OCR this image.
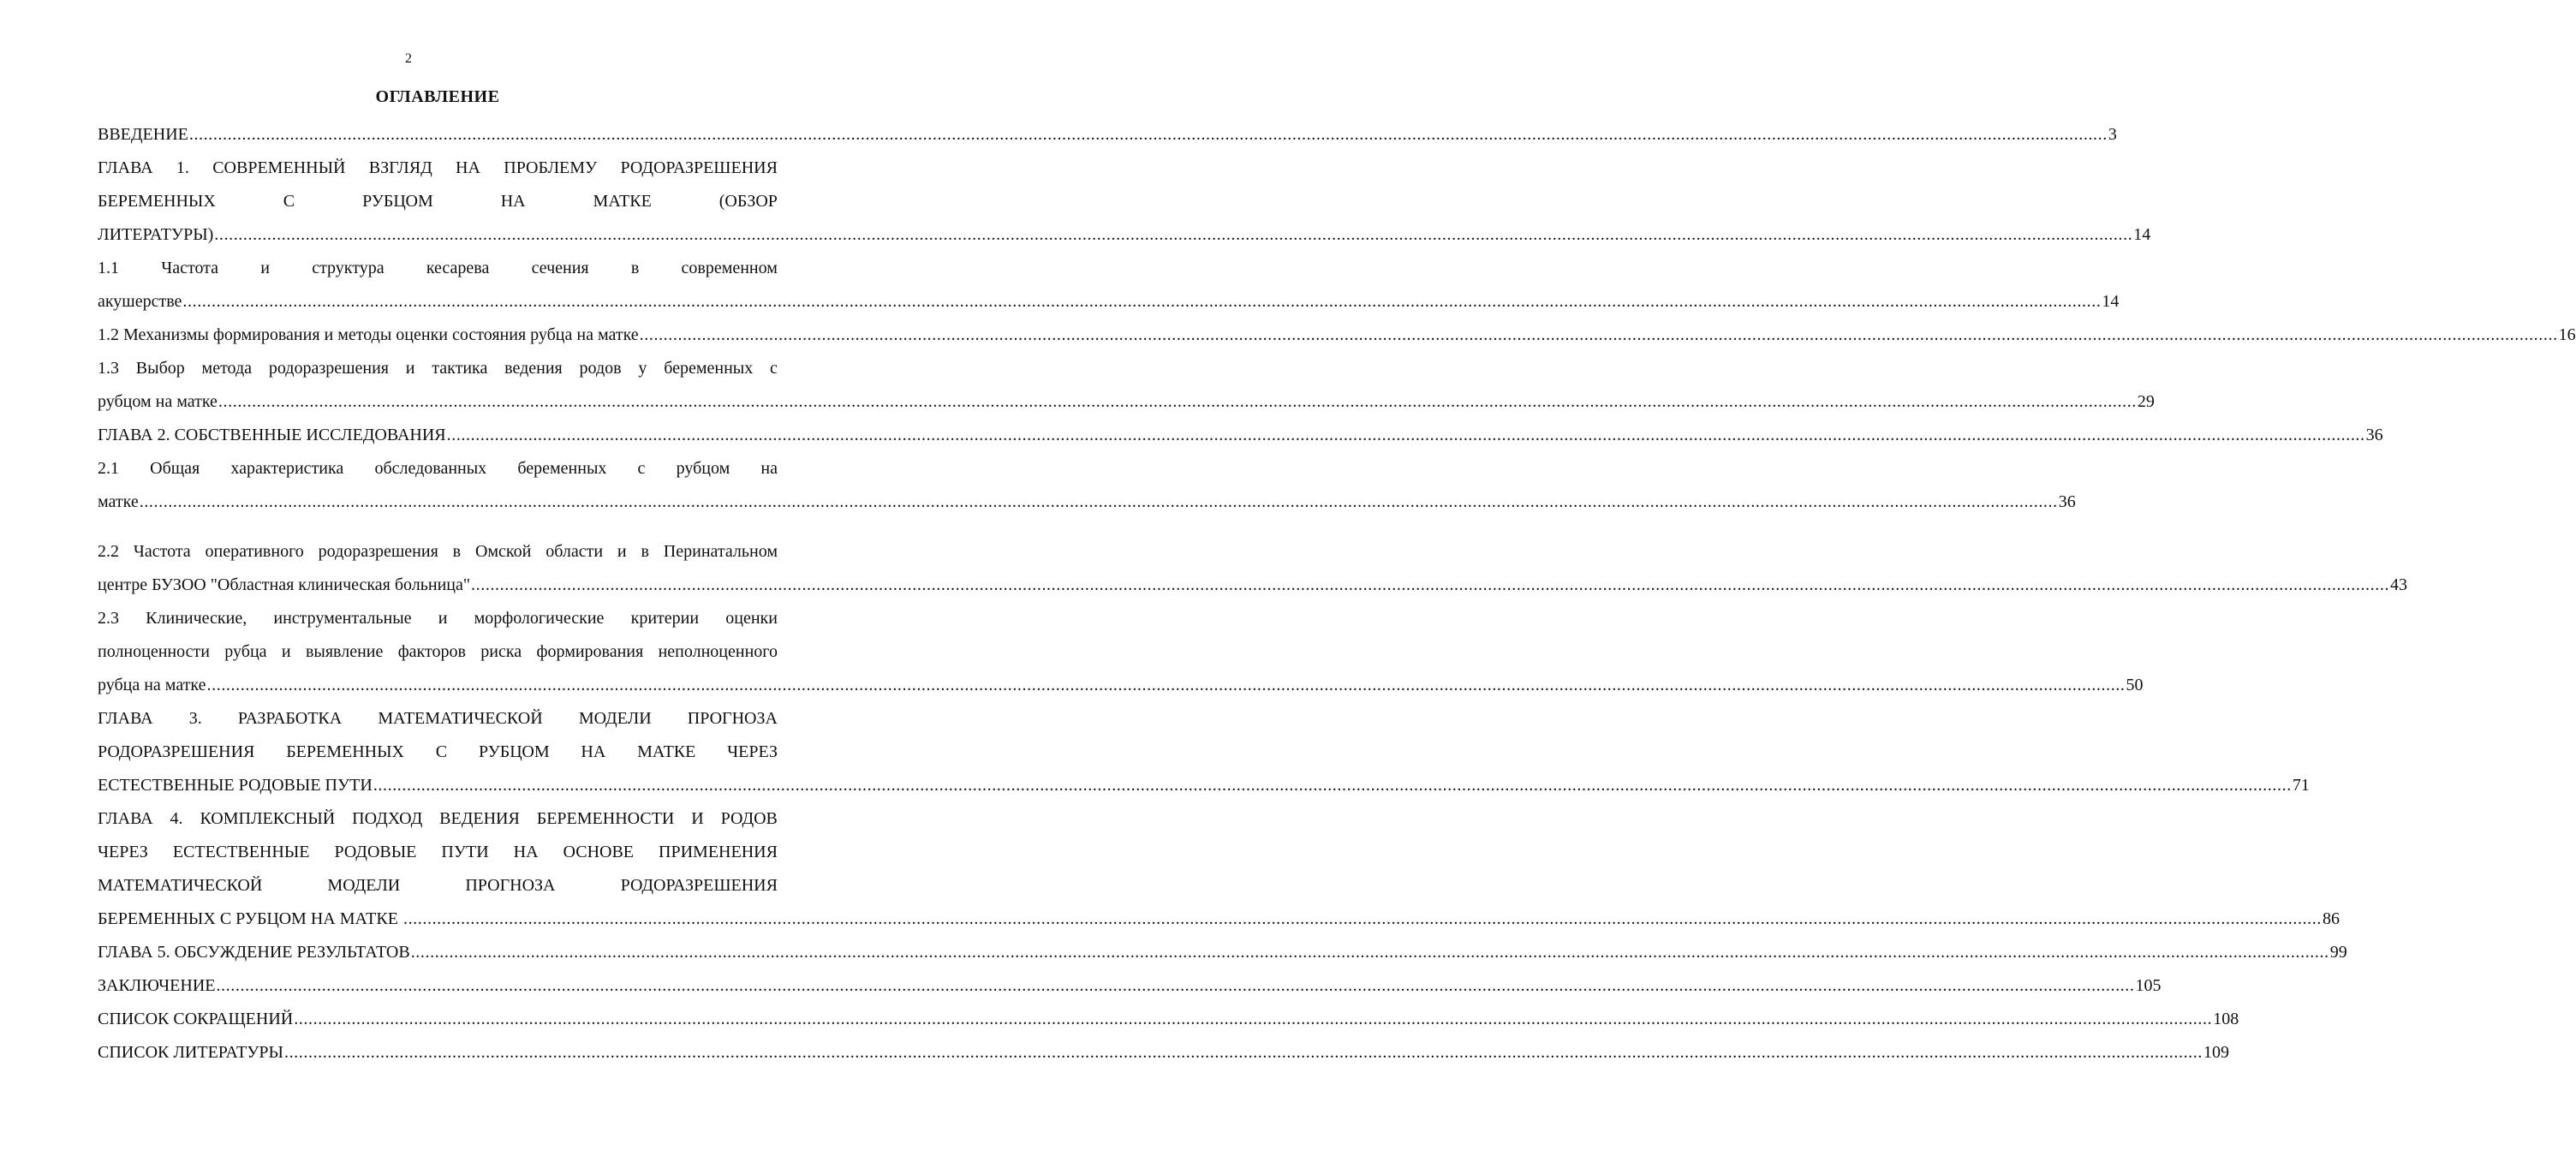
2
ОГЛАВЛЕНИЕ
ВВЕДЕНИЕ ................................................................................................................................................................................................................................................................................................................................................................................................................ 3
ГЛАВА 1. СОВРЕМЕННЫЙ ВЗГЛЯД НА ПРОБЛЕМУ РОДОРАЗРЕШЕНИЯ
БЕРЕМЕННЫХ	С	РУБЦОМ	НА	МАТКЕ	(ОБЗОР
ЛИТЕРАТУРЫ) ................................................................................................................................................................................................................................................................................................................................................................................................................ 14
1.1 Частота и структура кесарева сечения в современном
акушерстве ................................................................................................................................................................................................................................................................................................................................................................................................................ 14
1.2 Механизмы формирования и методы оценки состояния рубца на матке ................................................................................................................................................................................................................................................................................................................................................................................................................ 16
1.3 Выбор метода родоразрешения и тактика ведения родов у беременных с
рубцом на матке ................................................................................................................................................................................................................................................................................................................................................................................................................ 29
ГЛАВА 2. СОБСТВЕННЫЕ ИССЛЕДОВАНИЯ ................................................................................................................................................................................................................................................................................................................................................................................................................ 36
2.1 Общая характеристика обследованных беременных с рубцом на
матке ................................................................................................................................................................................................................................................................................................................................................................................................................ 36
2.2 Частота оперативного родоразрешения в Омской области и в Перинатальном
центре БУЗОО "Областная клиническая больница" ................................................................................................................................................................................................................................................................................................................................................................................................................ 43
2.3 Клинические, инструментальные и морфологические критерии оценки
полноценности рубца и выявление факторов риска формирования неполноценного
рубца на матке ................................................................................................................................................................................................................................................................................................................................................................................................................ 50
ГЛАВА 3. РАЗРАБОТКА МАТЕМАТИЧЕСКОЙ МОДЕЛИ ПРОГНОЗА
РОДОРАЗРЕШЕНИЯ БЕРЕМЕННЫХ С РУБЦОМ НА МАТКЕ ЧЕРЕЗ
ЕСТЕСТВЕННЫЕ РОДОВЫЕ ПУТИ ................................................................................................................................................................................................................................................................................................................................................................................................................ 71
ГЛАВА 4. КОМПЛЕКСНЫЙ ПОДХОД ВЕДЕНИЯ БЕРЕМЕННОСТИ И РОДОВ
ЧЕРЕЗ ЕСТЕСТВЕННЫЕ РОДОВЫЕ ПУТИ НА ОСНОВЕ ПРИМЕНЕНИЯ
МАТЕМАТИЧЕСКОЙ	МОДЕЛИ	ПРОГНОЗА	РОДОРАЗРЕШЕНИЯ
БЕРЕМЕННЫХ С РУБЦОМ НА МАТКЕ ................................................................................................................................................................................................................................................................................................................................................................................................................ 86
ГЛАВА 5. ОБСУЖДЕНИЕ РЕЗУЛЬТАТОВ ................................................................................................................................................................................................................................................................................................................................................................................................................ 99
ЗАКЛЮЧЕНИЕ ................................................................................................................................................................................................................................................................................................................................................................................................................ 105
СПИСОК СОКРАЩЕНИЙ ................................................................................................................................................................................................................................................................................................................................................................................................................ 108
СПИСОК ЛИТЕРАТУРЫ ................................................................................................................................................................................................................................................................................................................................................................................................................ 109
